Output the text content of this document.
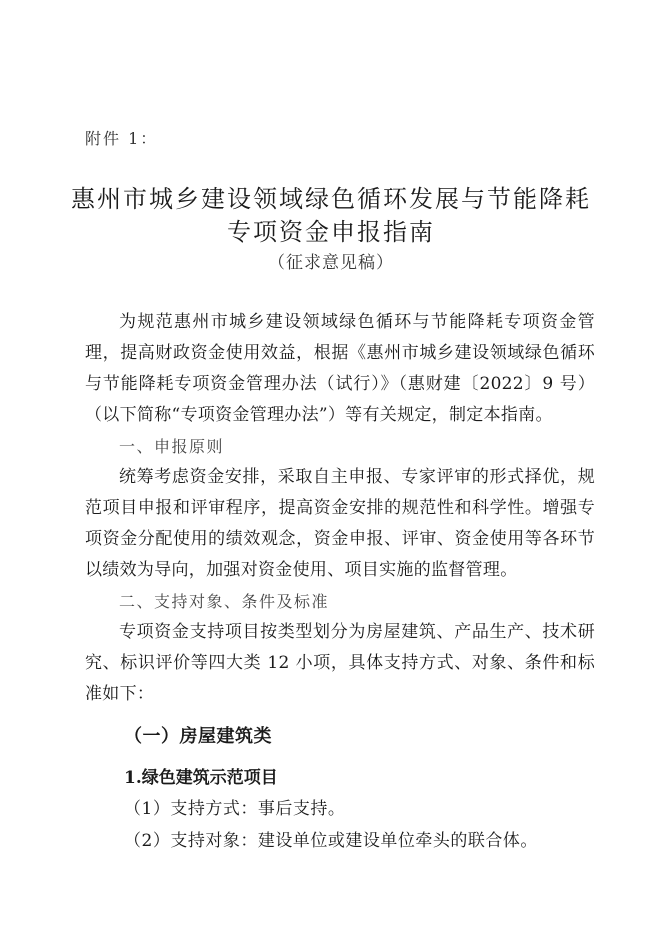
附件 1：
惠州市城乡建设领域绿色循环发展与节能降耗
专项资金申报指南
（征求意见稿）

为规范惠州市城乡建设领域绿色循环与节能降耗专项资金管理，提高财政资金使用效益，根据《惠州市城乡建设领域绿色循环与节能降耗专项资金管理办法（试行）》（惠财建〔2022〕9 号）（以下简称“专项资金管理办法”）等有关规定，制定本指南。

一、申报原则

统筹考虑资金安排，采取自主申报、专家评审的形式择优，规范项目申报和评审程序，提高资金安排的规范性和科学性。增强专项资金分配使用的绩效观念，资金申报、评审、资金使用等各环节以绩效为导向，加强对资金使用、项目实施的监督管理。

二、支持对象、条件及标准

专项资金支持项目按类型划分为房屋建筑、产品生产、技术研究、标识评价等四大类 12 小项，具体支持方式、对象、条件和标准如下：

（一）房屋建筑类
1.绿色建筑示范项目
（1）支持方式：事后支持。
（2）支持对象：建设单位或建设单位牵头的联合体。
